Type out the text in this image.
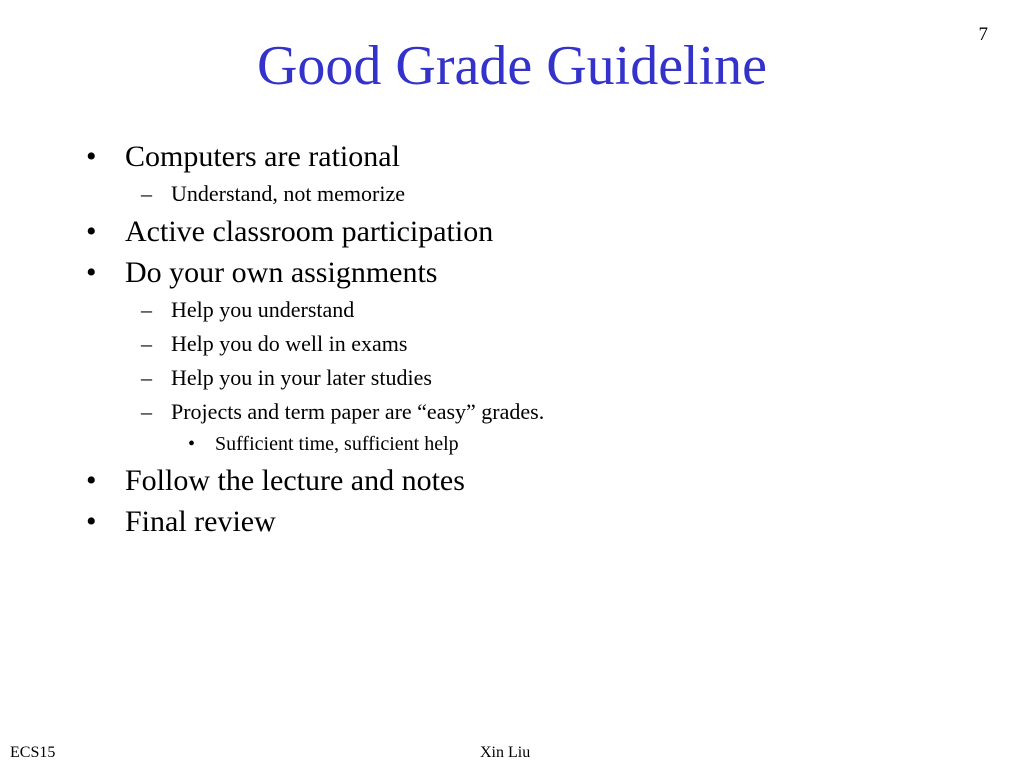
7
Good Grade Guideline
• Computers are rational
– Understand, not memorize
• Active classroom participation
• Do your own assignments
– Help you understand
– Help you do well in exams
– Help you in your later studies
– Projects and term paper are “easy” grades.
• Sufficient time, sufficient help
• Follow the lecture and notes
• Final review
ECS15	Xin Liu
